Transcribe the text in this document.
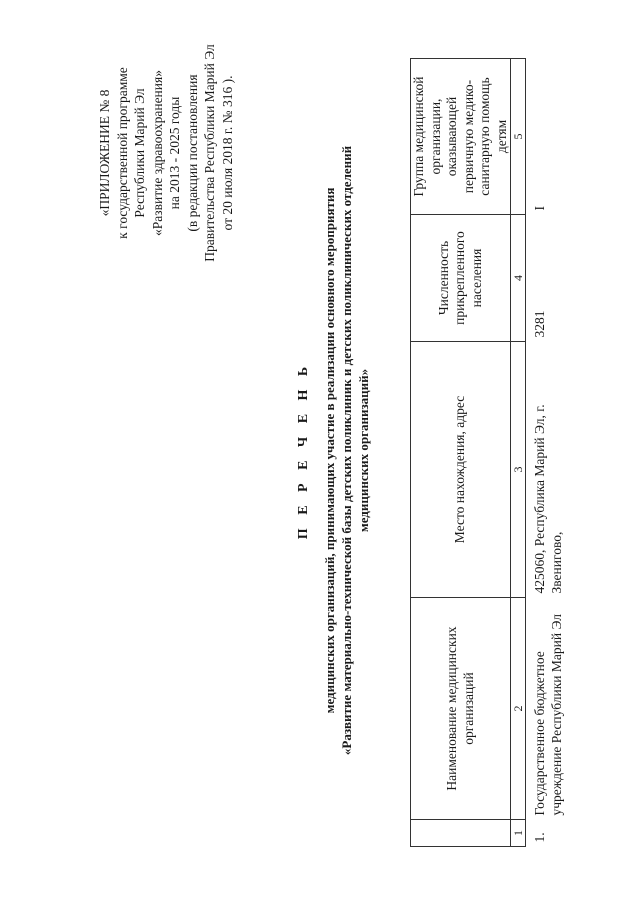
«ПРИЛОЖЕНИЕ № 8 к государственной программе Республики Марий Эл «Развитие здравоохранения» на 2013 - 2025 годы (в редакции постановления Правительства Республики Марий Эл от 20 июля 2018 г. № 316 ).
П Е Р Е Ч Е Н Ь медицинских организаций, принимающих участие в реализации основного мероприятия «Развитие материально-технической базы детских поликлиник и детских поликлинических отделений медицинских организаций»
	Наименование медицинских организаций	Место нахождения, адрес	Численность прикрепленного населения	Группа медицинской организации, оказывающей первичную медико-санитарную помощь детям
1	2	3	4	5
1.	Государственное бюджетное учреждение Республики Марий Эл	425060, Республика Марий Эл, г. Звенигово,	3281	I
